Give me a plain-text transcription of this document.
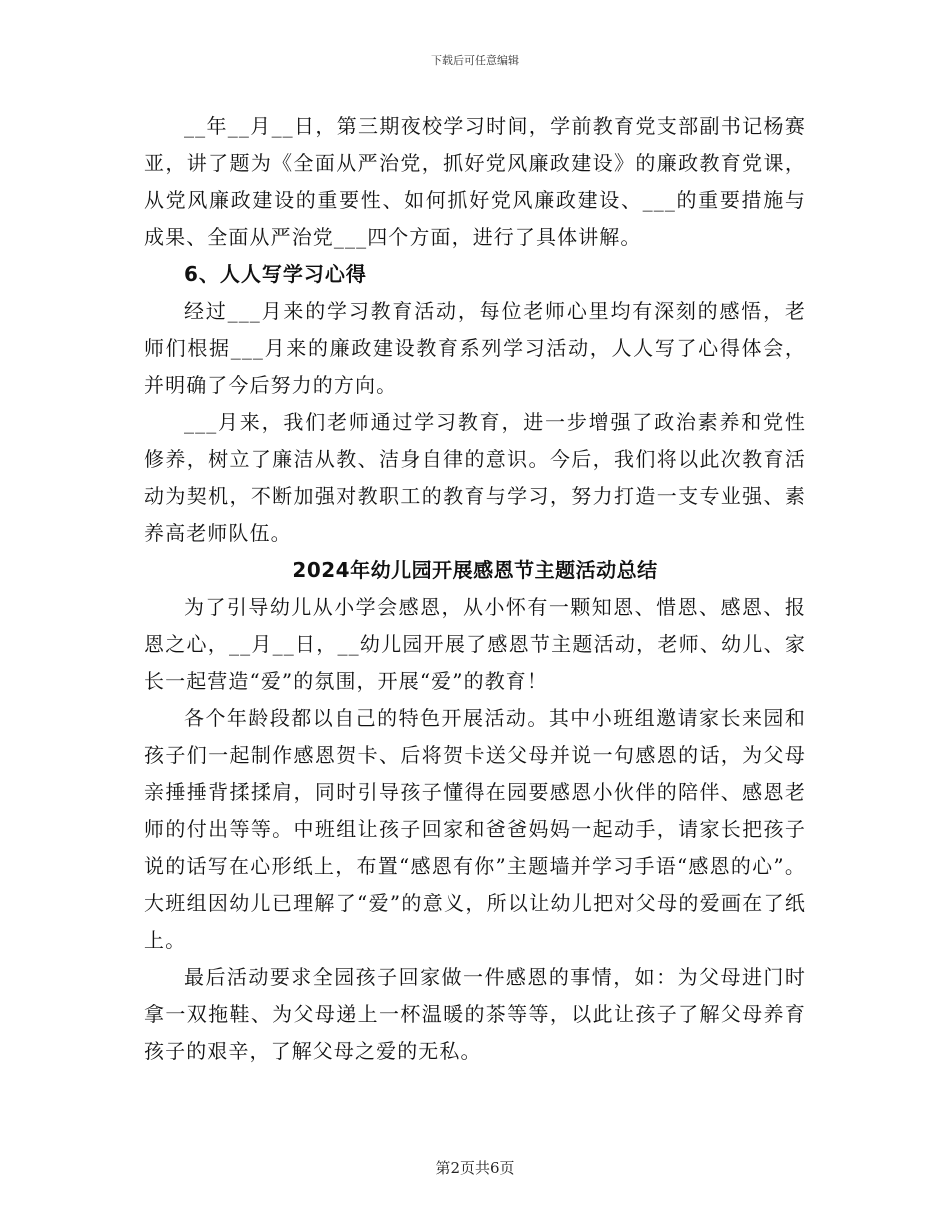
下载后可任意编辑

__年__月__日，第三期夜校学习时间，学前教育党支部副书记杨赛亚，讲了题为《全面从严治党，抓好党风廉政建设》的廉政教育党课，从党风廉政建设的重要性、如何抓好党风廉政建设、___的重要措施与成果、全面从严治党___四个方面，进行了具体讲解。

6、人人写学习心得

经过___月来的学习教育活动，每位老师心里均有深刻的感悟，老师们根据___月来的廉政建设教育系列学习活动，人人写了心得体会，并明确了今后努力的方向。

___月来，我们老师通过学习教育，进一步增强了政治素养和党性修养，树立了廉洁从教、洁身自律的意识。今后，我们将以此次教育活动为契机，不断加强对教职工的教育与学习，努力打造一支专业强、素养高老师队伍。

2024年幼儿园开展感恩节主题活动总结

为了引导幼儿从小学会感恩，从小怀有一颗知恩、惜恩、感恩、报恩之心，__月__日，__幼儿园开展了感恩节主题活动，老师、幼儿、家长一起营造“爱”的氛围，开展“爱”的教育！

各个年龄段都以自己的特色开展活动。其中小班组邀请家长来园和孩子们一起制作感恩贺卡、后将贺卡送父母并说一句感恩的话，为父母亲捶捶背揉揉肩，同时引导孩子懂得在园要感恩小伙伴的陪伴、感恩老师的付出等等。中班组让孩子回家和爸爸妈妈一起动手，请家长把孩子说的话写在心形纸上，布置“感恩有你”主题墙并学习手语“感恩的心”。大班组因幼儿已理解了“爱”的意义，所以让幼儿把对父母的爱画在了纸上。

最后活动要求全园孩子回家做一件感恩的事情，如：为父母进门时拿一双拖鞋、为父母递上一杯温暖的茶等等，以此让孩子了解父母养育孩子的艰辛，了解父母之爱的无私。

第2页共6页
